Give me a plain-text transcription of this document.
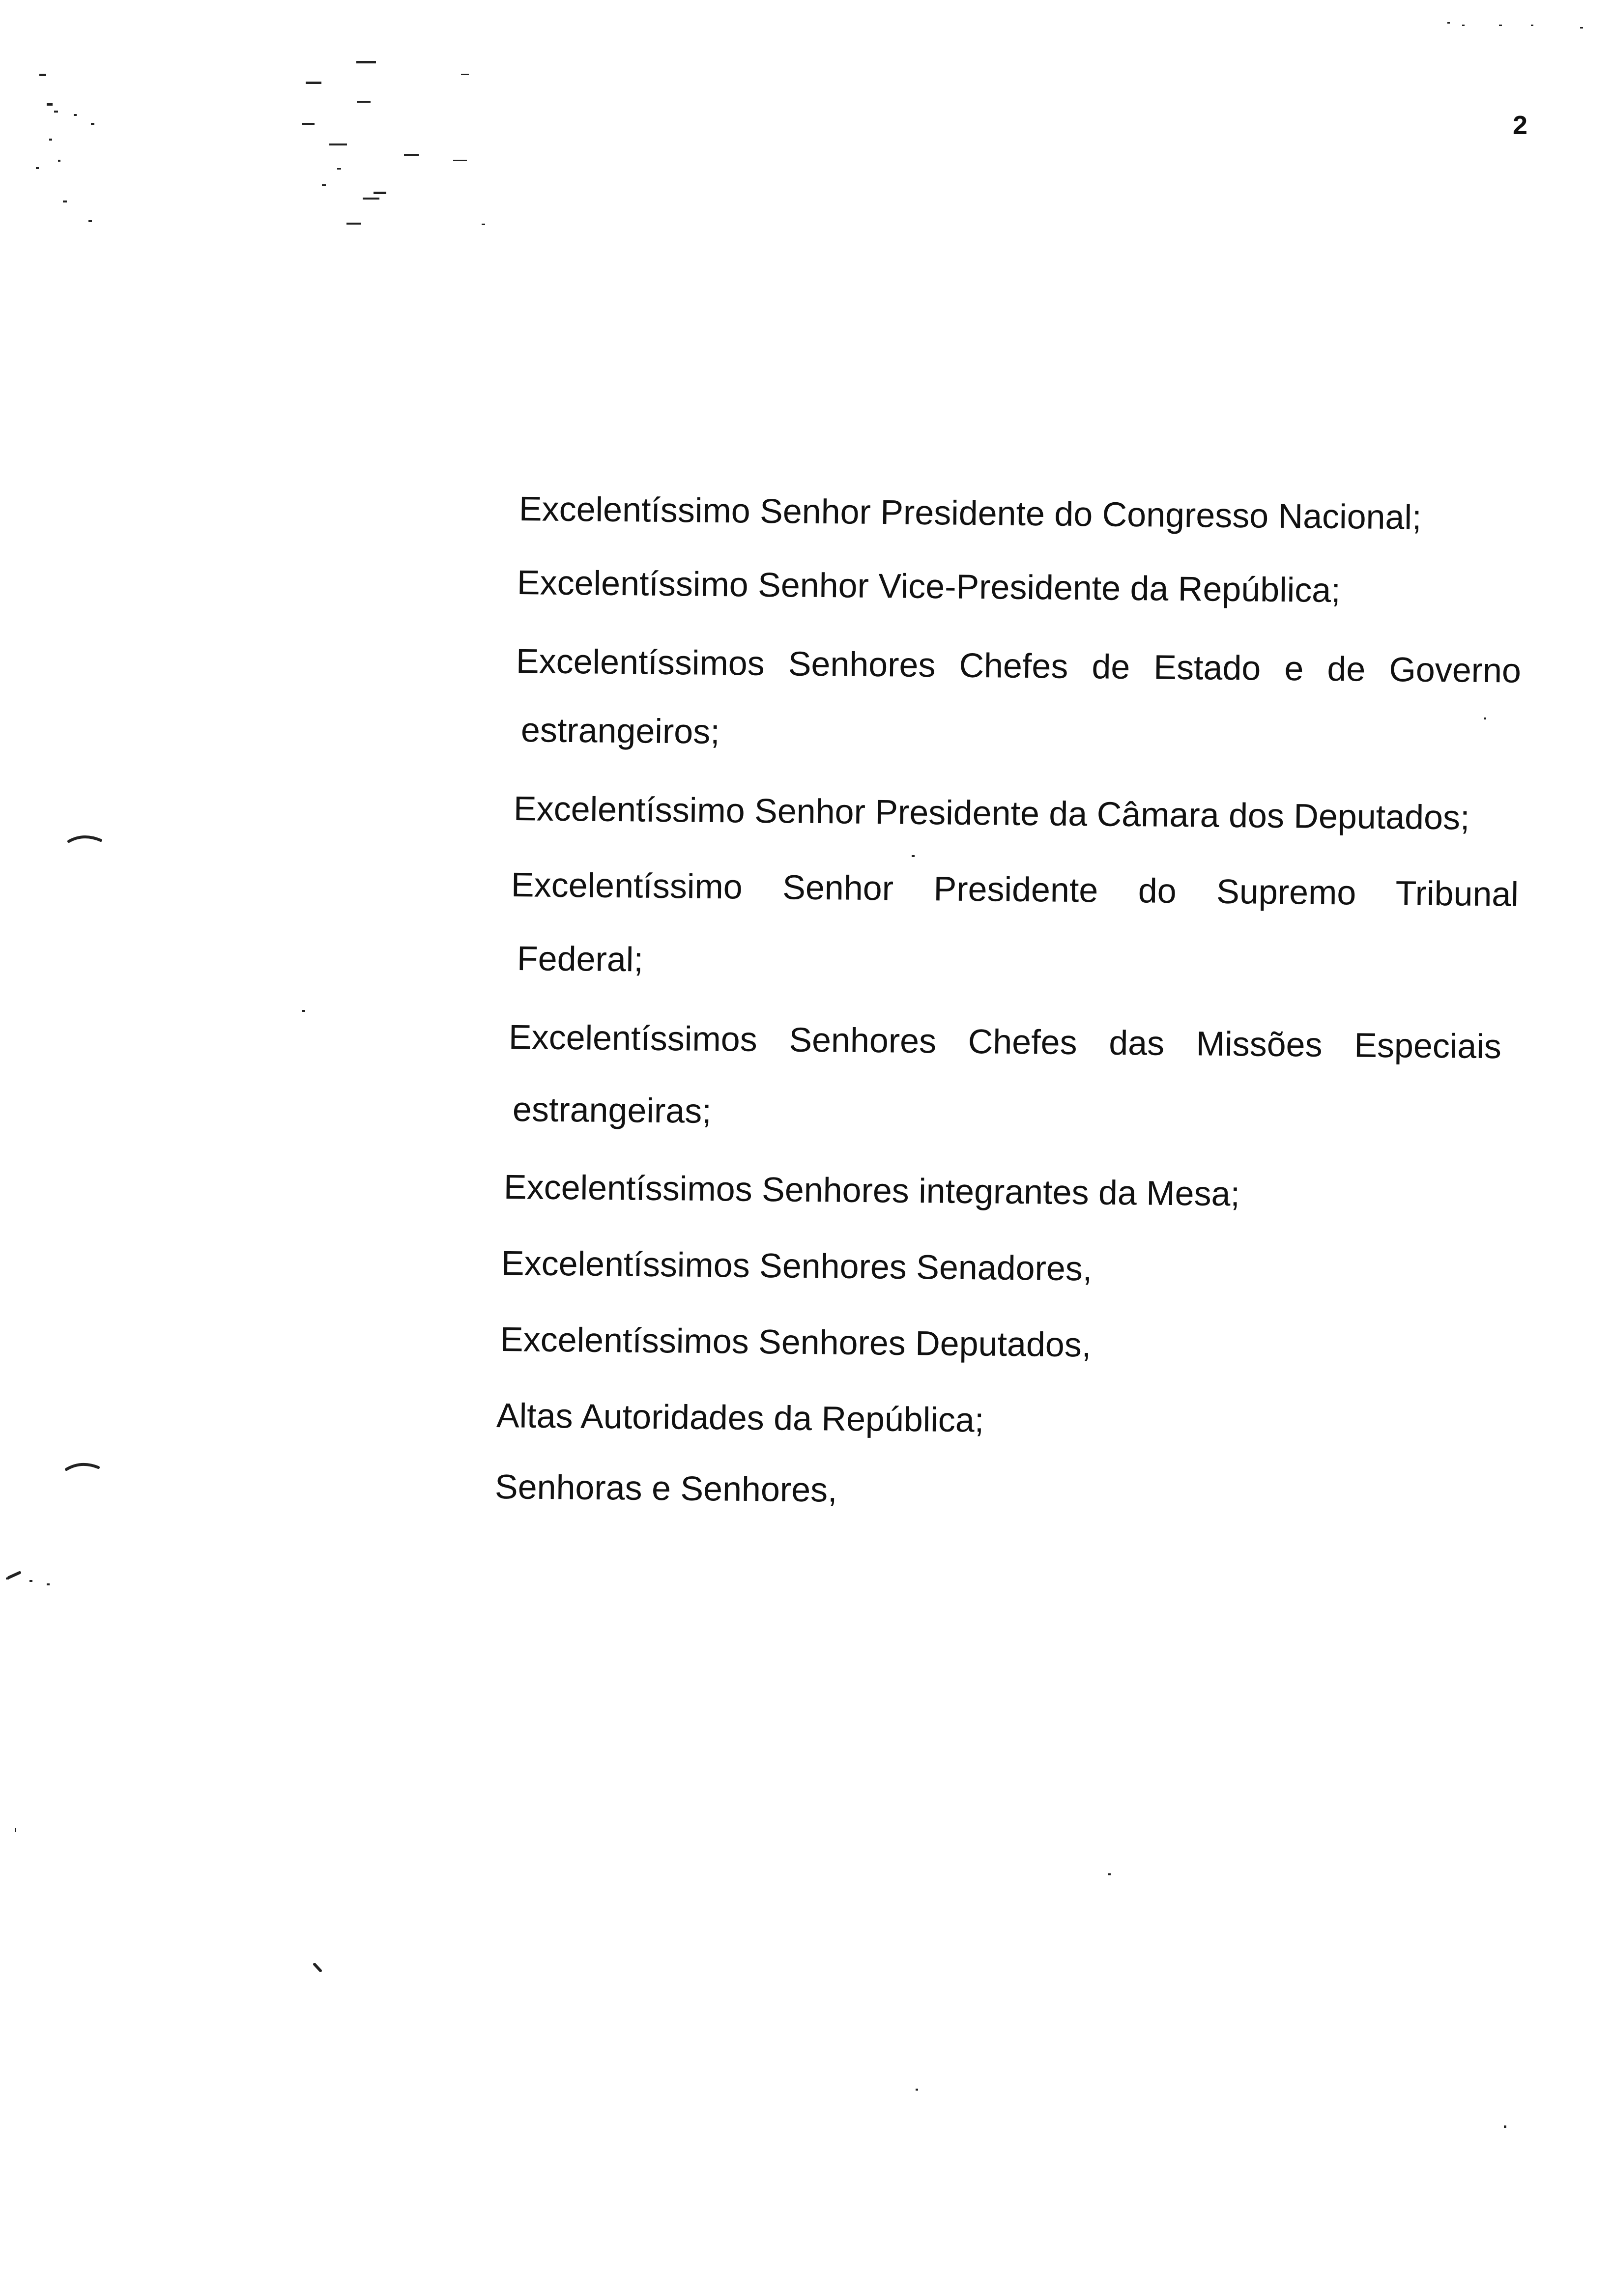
2
Excelentíssimo Senhor Presidente do Congresso Nacional;
Excelentíssimo Senhor Vice-Presidente da República;
Excelentíssimos Senhores Chefes de Estado e de Governo
estrangeiros;
Excelentíssimo Senhor Presidente da Câmara dos Deputados;
Excelentíssimo Senhor Presidente do Supremo Tribunal
Federal;
Excelentíssimos Senhores Chefes das Missões Especiais
estrangeiras;
Excelentíssimos Senhores integrantes da Mesa;
Excelentíssimos Senhores Senadores,
Excelentíssimos Senhores Deputados,
Altas Autoridades da República;
Senhoras e Senhores,
